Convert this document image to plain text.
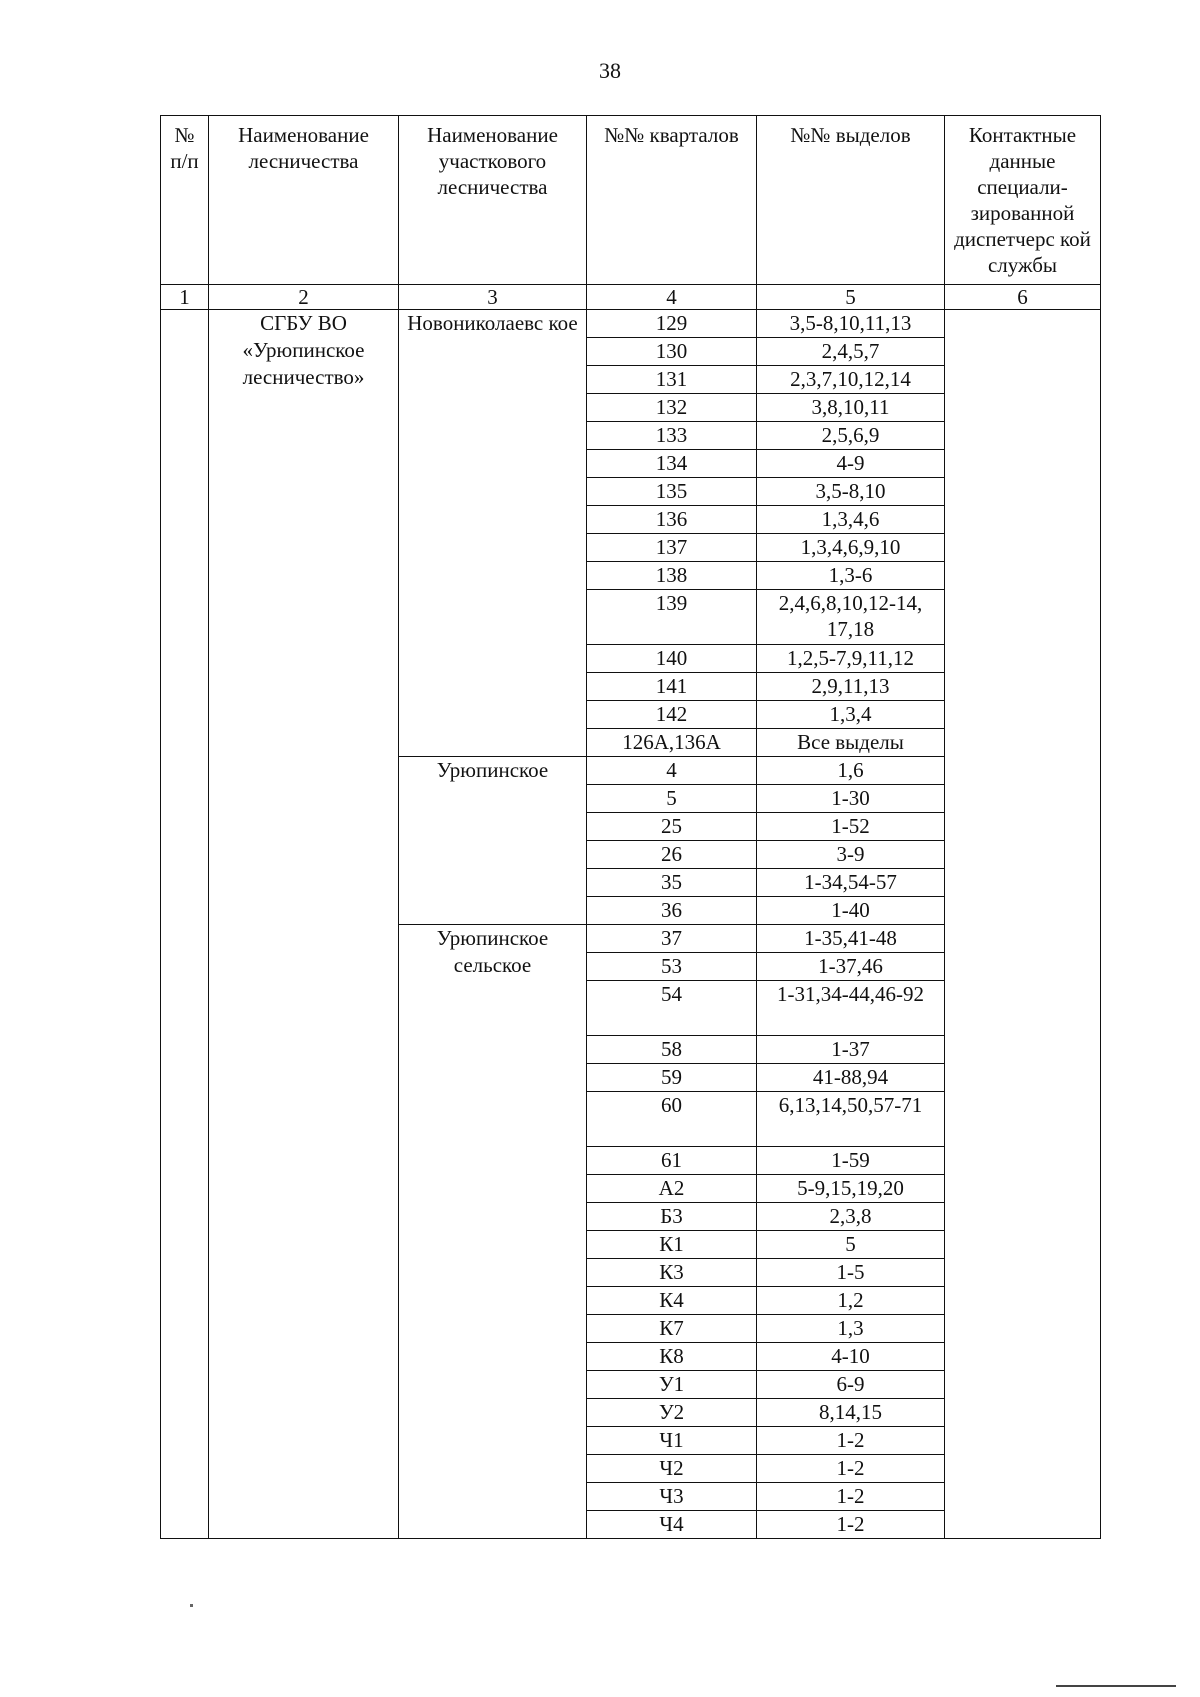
38
№ п/п	Наименование лесничества	Наименование участкового лесничества	№№ кварталов	№№ выделов	Контактные данные специали-зированной диспетчерс кой службы
1	2	3	4	5	6
	СГБУ ВО «Урюпинское лесничество»	Новониколаевс кое	129	3,5-8,10,11,13	
			130	2,4,5,7	
			131	2,3,7,10,12,14	
			132	3,8,10,11	
			133	2,5,6,9	
			134	4-9	
			135	3,5-8,10	
			136	1,3,4,6	
			137	1,3,4,6,9,10	
			138	1,3-6	
			139	2,4,6,8,10,12-14, 17,18	
			140	1,2,5-7,9,11,12	
			141	2,9,11,13	
			142	1,3,4	
			126А,136А	Все выделы	
		Урюпинское	4	1,6	
			5	1-30	
			25	1-52	
			26	3-9	
			35	1-34,54-57	
			36	1-40	
		Урюпинское сельское	37	1-35,41-48	
			53	1-37,46	
			54	1-31,34-44,46-92	
			58	1-37	
			59	41-88,94	
			60	6,13,14,50,57-71	
			61	1-59	
			А2	5-9,15,19,20	
			Б3	2,3,8	
			К1	5	
			К3	1-5	
			К4	1,2	
			К7	1,3	
			К8	4-10	
			У1	6-9	
			У2	8,14,15	
			Ч1	1-2	
			Ч2	1-2	
			Ч3	1-2	
			Ч4	1-2	
